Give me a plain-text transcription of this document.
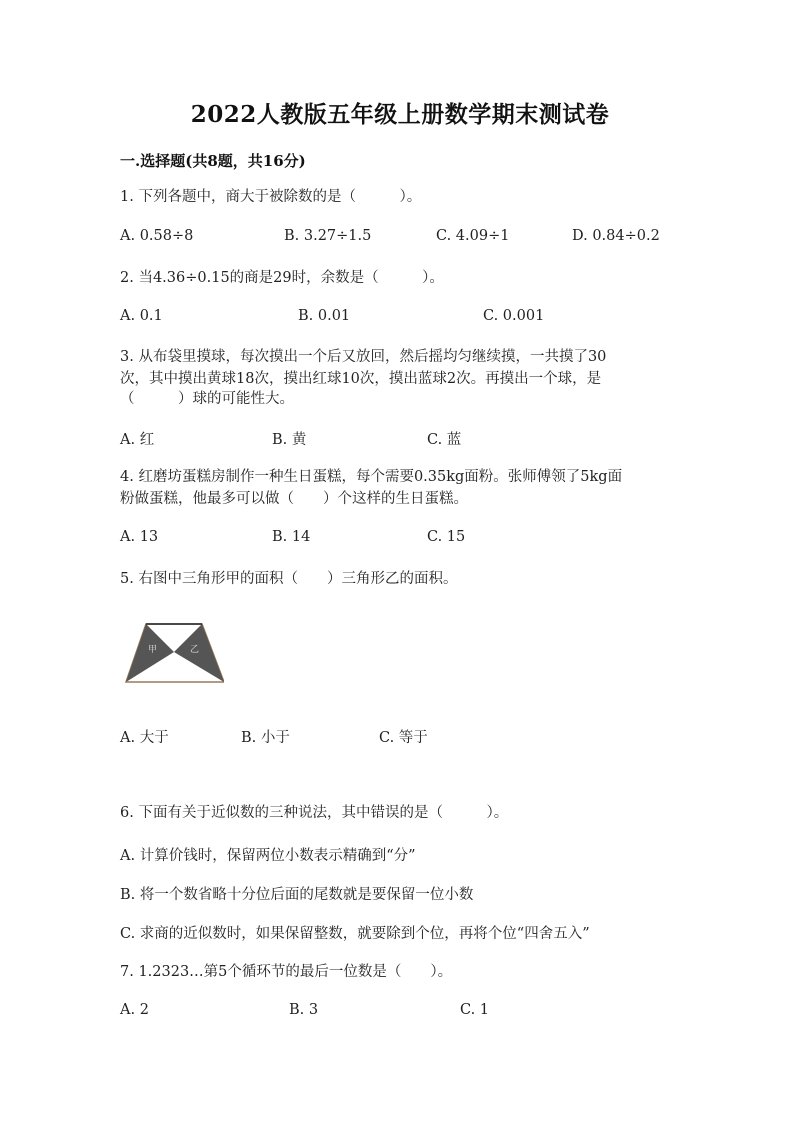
2022人教版五年级上册数学期末测试卷
一.选择题(共8题，共16分)
1. 下列各题中，商大于被除数的是（　　　）。
A. 0.58÷8	B. 3.27÷1.5	C. 4.09÷1	D. 0.84÷0.2
2. 当4.36÷0.15的商是29时，余数是（　　　）。
A. 0.1	B. 0.01	C. 0.001
3. 从布袋里摸球，每次摸出一个后又放回，然后摇均匀继续摸，一共摸了30
次，其中摸出黄球18次，摸出红球10次，摸出蓝球2次。再摸出一个球，是
（　　　）球的可能性大。
A. 红	B. 黄	C. 蓝
4. 红磨坊蛋糕房制作一种生日蛋糕，每个需要0.35kg面粉。张师傅领了5kg面
粉做蛋糕，他最多可以做（　　）个这样的生日蛋糕。
A. 13	B. 14	C. 15
5. 右图中三角形甲的面积（　　）三角形乙的面积。
甲	乙
A. 大于	B. 小于	C. 等于
6. 下面有关于近似数的三种说法，其中错误的是（　　　）。
A. 计算价钱时，保留两位小数表示精确到“分”
B. 将一个数省略十分位后面的尾数就是要保留一位小数
C. 求商的近似数时，如果保留整数，就要除到个位，再将个位“四舍五入”
7. 1.2323…第5个循环节的最后一位数是（　　）。
A. 2	B. 3	C. 1
